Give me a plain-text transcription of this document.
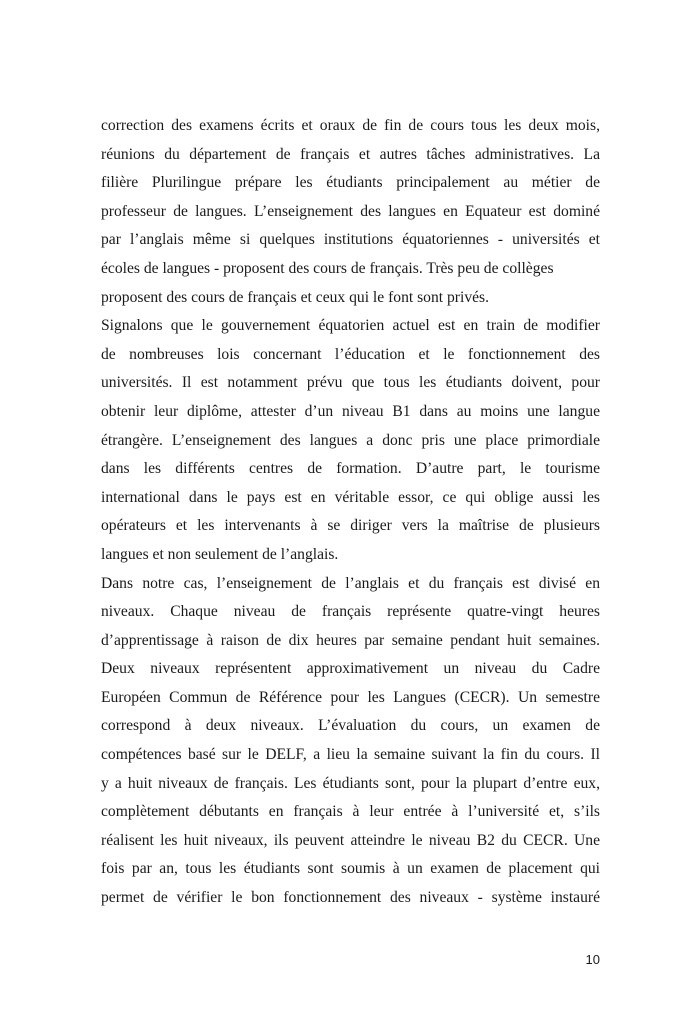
correction des examens écrits et oraux de fin de cours tous les deux mois,
réunions du département de français et autres tâches administratives. La
filière Plurilingue prépare les étudiants principalement au métier de
professeur de langues. L’enseignement des langues en Equateur est dominé
par l’anglais même si quelques institutions équatoriennes - universités et
écoles de langues - proposent des cours de français. Très peu de collèges
proposent des cours de français et ceux qui le font sont privés.
Signalons que le gouvernement équatorien actuel est en train de modifier
de nombreuses lois concernant l’éducation et le fonctionnement des
universités. Il est notamment prévu que tous les étudiants doivent, pour
obtenir leur diplôme, attester d’un niveau B1 dans au moins une langue
étrangère. L’enseignement des langues a donc pris une place primordiale
dans les différents centres de formation. D’autre part, le tourisme
international dans le pays est en véritable essor, ce qui oblige aussi les
opérateurs et les intervenants à se diriger vers la maîtrise de plusieurs
langues et non seulement de l’anglais.
Dans notre cas, l’enseignement de l’anglais et du français est divisé en
niveaux. Chaque niveau de français représente quatre-vingt heures
d’apprentissage à raison de dix heures par semaine pendant huit semaines.
Deux niveaux représentent approximativement un niveau du Cadre
Européen Commun de Référence pour les Langues (CECR). Un semestre
correspond à deux niveaux. L’évaluation du cours, un examen de
compétences basé sur le DELF, a lieu la semaine suivant la fin du cours. Il
y a huit niveaux de français. Les étudiants sont, pour la plupart d’entre eux,
complètement débutants en français à leur entrée à l’université et, s’ils
réalisent les huit niveaux, ils peuvent atteindre le niveau B2 du CECR. Une
fois par an, tous les étudiants sont soumis à un examen de placement qui
permet de vérifier le bon fonctionnement des niveaux - système instauré
10
